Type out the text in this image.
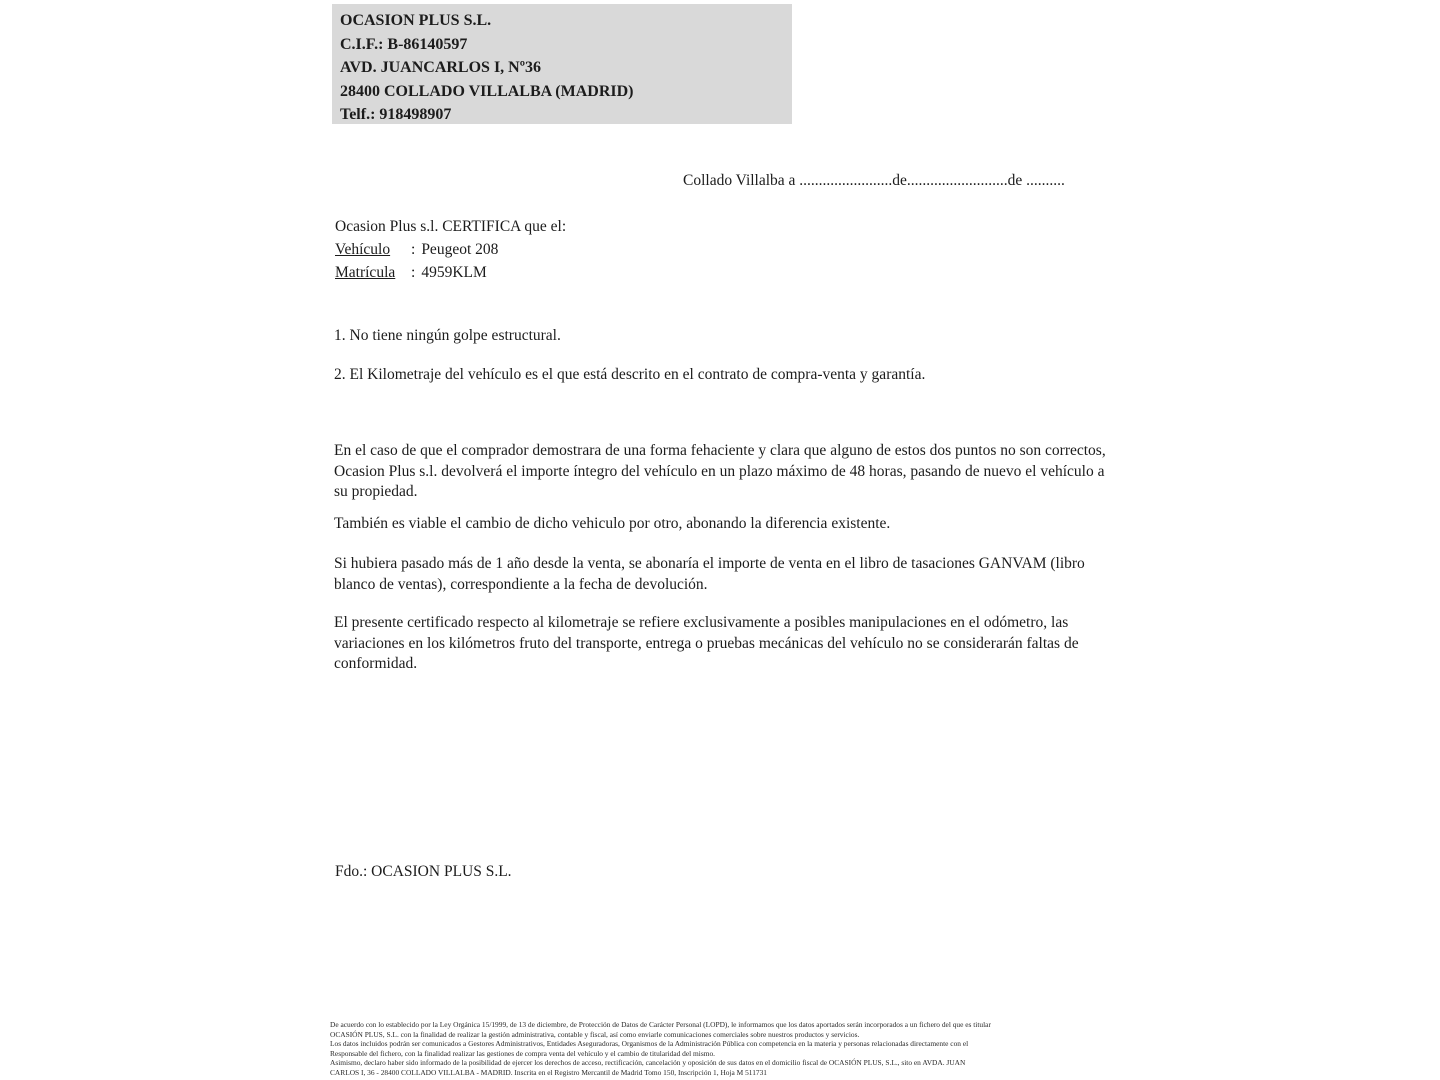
OCASION PLUS S.L.
C.I.F.: B-86140597
AVD. JUANCARLOS I, Nº36
28400 COLLADO VILLALBA (MADRID)
Telf.: 918498907
Collado Villalba a ........................de..........................de ..........
Ocasion Plus s.l. CERTIFICA que el:
Vehículo : Peugeot 208
Matrícula : 4959KLM
1. No tiene ningún golpe estructural.
2. El Kilometraje del vehículo es el que está descrito en el contrato de compra-venta y garantía.
En el caso de que el comprador demostrara de una forma fehaciente y clara que alguno de estos dos puntos no son correctos, Ocasion Plus s.l. devolverá el importe íntegro del vehículo en un plazo máximo de 48 horas, pasando de nuevo el vehículo a su propiedad.
También es viable el cambio de dicho vehiculo por otro, abonando la diferencia existente.
Si hubiera pasado más de 1 año desde la venta, se abonaría el importe de venta en el libro de tasaciones GANVAM (libro blanco de ventas), correspondiente a la fecha de devolución.
El presente certificado respecto al kilometraje se refiere exclusivamente a posibles manipulaciones en el odómetro, las variaciones en los kilómetros fruto del transporte, entrega o pruebas mecánicas del vehículo no se considerarán faltas de conformidad.
Fdo.: OCASION PLUS S.L.
De acuerdo con lo establecido por la Ley Orgánica 15/1999, de 13 de diciembre, de Protección de Datos de Carácter Personal (LOPD), le informamos que los datos aportados serán incorporados a un fichero del que es titular
OCASIÓN PLUS, S.L. con la finalidad de realizar la gestión administrativa, contable y fiscal, así como enviarle comunicaciones comerciales sobre nuestros productos y servicios.
Los datos incluidos podrán ser comunicados a Gestores Administrativos, Entidades Aseguradoras, Organismos de la Administración Pública con competencia en la materia y personas relacionadas directamente con el
Responsable del fichero, con la finalidad realizar las gestiones de compra venta del vehículo y el cambio de titularidad del mismo.
Asimismo, declaro haber sido informado de la posibilidad de ejercer los derechos de acceso, rectificación, cancelación y oposición de sus datos en el domicilio fiscal de OCASIÓN PLUS, S.L., sito en AVDA. JUAN
CARLOS I, 36 - 28400 COLLADO VILLALBA - MADRID. Inscrita en el Registro Mercantil de Madrid Tomo 150, Inscripción 1, Hoja M 511731
